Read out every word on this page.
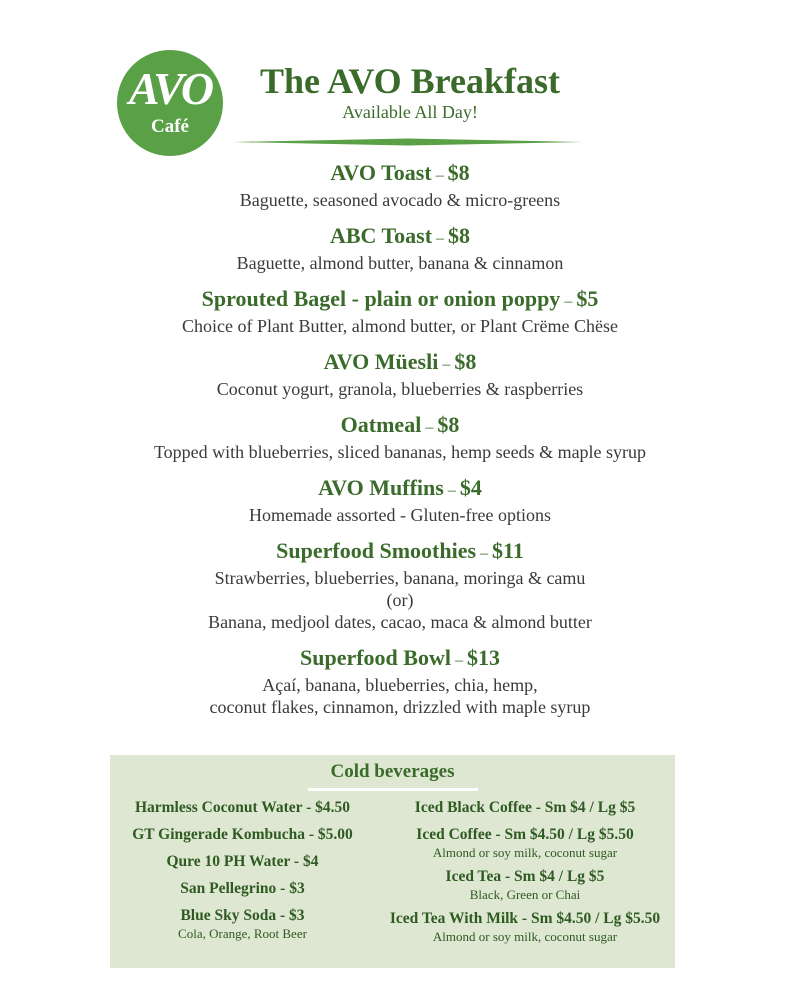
AVO
Café
The AVO Breakfast
Available All Day!
AVO Toast – $8
Baguette, seasoned avocado & micro-greens
ABC Toast – $8
Baguette, almond butter, banana & cinnamon
Sprouted Bagel - plain or onion poppy – $5
Choice of Plant Butter, almond butter, or Plant Crëme Chëse
AVO Müesli – $8
Coconut yogurt, granola, blueberries & raspberries
Oatmeal – $8
Topped with blueberries, sliced bananas, hemp seeds & maple syrup
AVO Muffins – $4
Homemade assorted - Gluten-free options
Superfood Smoothies – $11
Strawberries, blueberries, banana, moringa & camu
(or)
Banana, medjool dates, cacao, maca & almond butter
Superfood Bowl – $13
Açaí, banana, blueberries, chia, hemp,
coconut flakes, cinnamon, drizzled with maple syrup
Cold beverages
Harmless Coconut Water - $4.50
GT Gingerade Kombucha - $5.00
Qure 10 PH Water - $4
San Pellegrino - $3
Blue Sky Soda - $3
Cola, Orange, Root Beer
Iced Black Coffee - Sm $4 / Lg $5
Iced Coffee - Sm $4.50 / Lg $5.50
Almond or soy milk, coconut sugar
Iced Tea - Sm $4 / Lg $5
Black, Green or Chai
Iced Tea With Milk - Sm $4.50 / Lg $5.50
Almond or soy milk, coconut sugar
